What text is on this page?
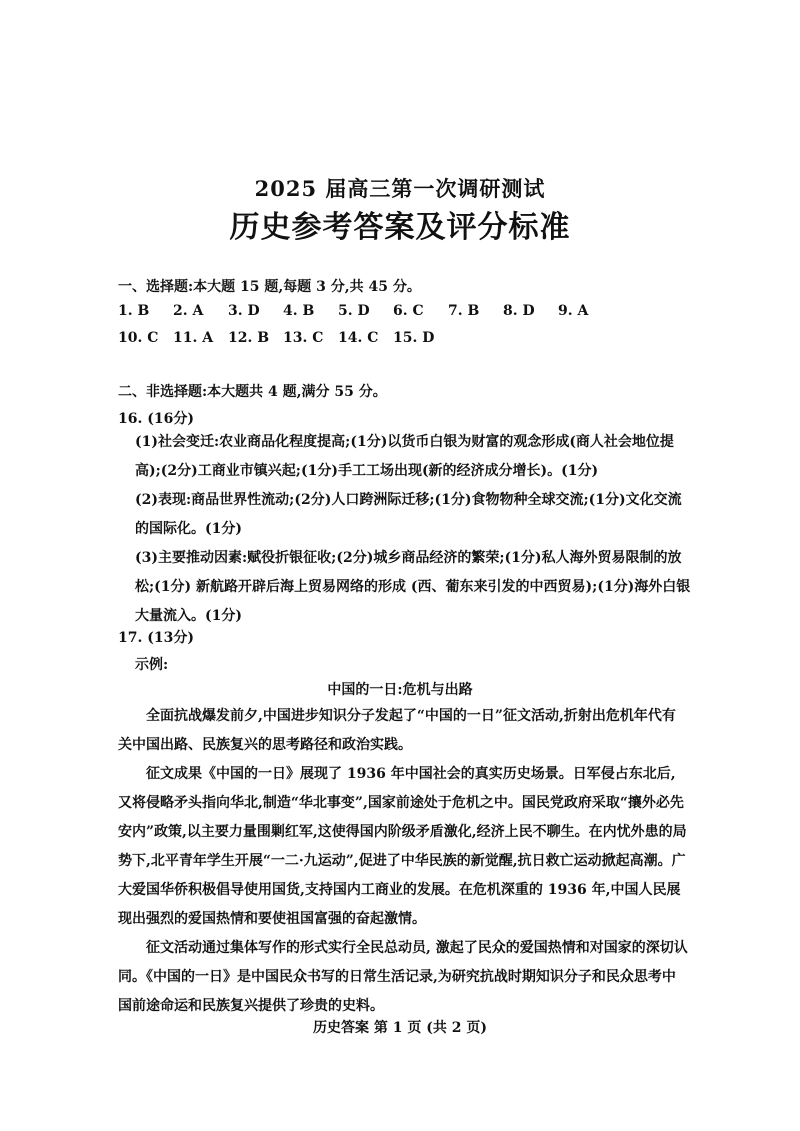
2025 届高三第一次调研测试
历史参考答案及评分标准
一、选择题:本大题 15 题,每题 3 分,共 45 分。
1. B	2. A	3. D	4. B	5. D	6. C	7. B	8. D	9. A
10. C	11. A	12. B 13. C	14. C	15. D
二、非选择题:本大题共 4 题,满分 55 分。
16. (16分)
(1)社会变迁:农业商品化程度提高;(1分)以货币白银为财富的观念形成(商人社会地位提高);(2分)工商业市镇兴起;(1分)手工工场出现(新的经济成分增长)。(1分)
(2)表现:商品世界性流动;(2分)人口跨洲际迁移;(1分)食物物种全球交流;(1分)文化交流的国际化。(1分)
(3)主要推动因素:赋役折银征收;(2分)城乡商品经济的繁荣;(1分)私人海外贸易限制的放松;(1分) 新航路开辟后海上贸易网络的形成 (西、葡东来引发的中西贸易);(1分)海外白银大量流入。(1分)
17. (13分)
示例:
中国的一日:危机与出路
全面抗战爆发前夕,中国进步知识分子发起了“中国的一日”征文活动,折射出危机年代有关中国出路、民族复兴的思考路径和政治实践。
征文成果《中国的一日》展现了 1936 年中国社会的真实历史场景。日军侵占东北后,又将侵略矛头指向华北,制造“华北事变”,国家前途处于危机之中。国民党政府采取“攘外必先安内”政策,以主要力量围剿红军,这使得国内阶级矛盾激化,经济上民不聊生。在内忧外患的局势下,北平青年学生开展“一二·九运动”,促进了中华民族的新觉醒,抗日救亡运动掀起高潮。广大爱国华侨积极倡导使用国货,支持国内工商业的发展。在危机深重的 1936 年,中国人民展现出强烈的爱国热情和要使祖国富强的奋起激情。
征文活动通过集体写作的形式实行全民总动员, 激起了民众的爱国热情和对国家的深切认同。《中国的一日》是中国民众书写的日常生活记录,为研究抗战时期知识分子和民众思考中国前途命运和民族复兴提供了珍贵的史料。
历史答案 第 1 页 (共 2 页)
